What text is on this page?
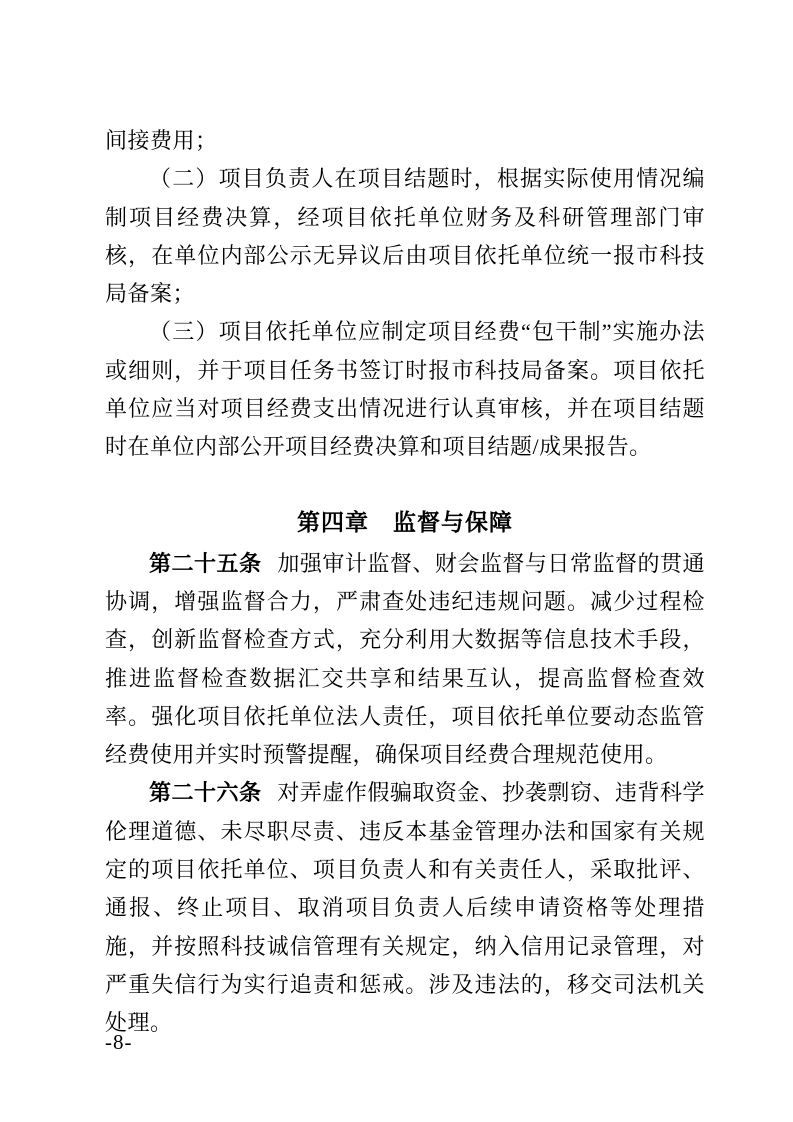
间接费用；

（二）项目负责人在项目结题时，根据实际使用情况编制项目经费决算，经项目依托单位财务及科研管理部门审核，在单位内部公示无异议后由项目依托单位统一报市科技局备案；

（三）项目依托单位应制定项目经费“包干制”实施办法或细则，并于项目任务书签订时报市科技局备案。项目依托单位应当对项目经费支出情况进行认真审核，并在项目结题时在单位内部公开项目经费决算和项目结题/成果报告。

第四章　监督与保障

第二十五条 加强审计监督、财会监督与日常监督的贯通协调，增强监督合力，严肃查处违纪违规问题。减少过程检查，创新监督检查方式，充分利用大数据等信息技术手段，推进监督检查数据汇交共享和结果互认，提高监督检查效率。强化项目依托单位法人责任，项目依托单位要动态监管经费使用并实时预警提醒，确保项目经费合理规范使用。

第二十六条 对弄虚作假骗取资金、抄袭剽窃、违背科学伦理道德、未尽职尽责、违反本基金管理办法和国家有关规定的项目依托单位、项目负责人和有关责任人，采取批评、通报、终止项目、取消项目负责人后续申请资格等处理措施，并按照科技诚信管理有关规定，纳入信用记录管理，对严重失信行为实行追责和惩戒。涉及违法的，移交司法机关处理。

-8-
